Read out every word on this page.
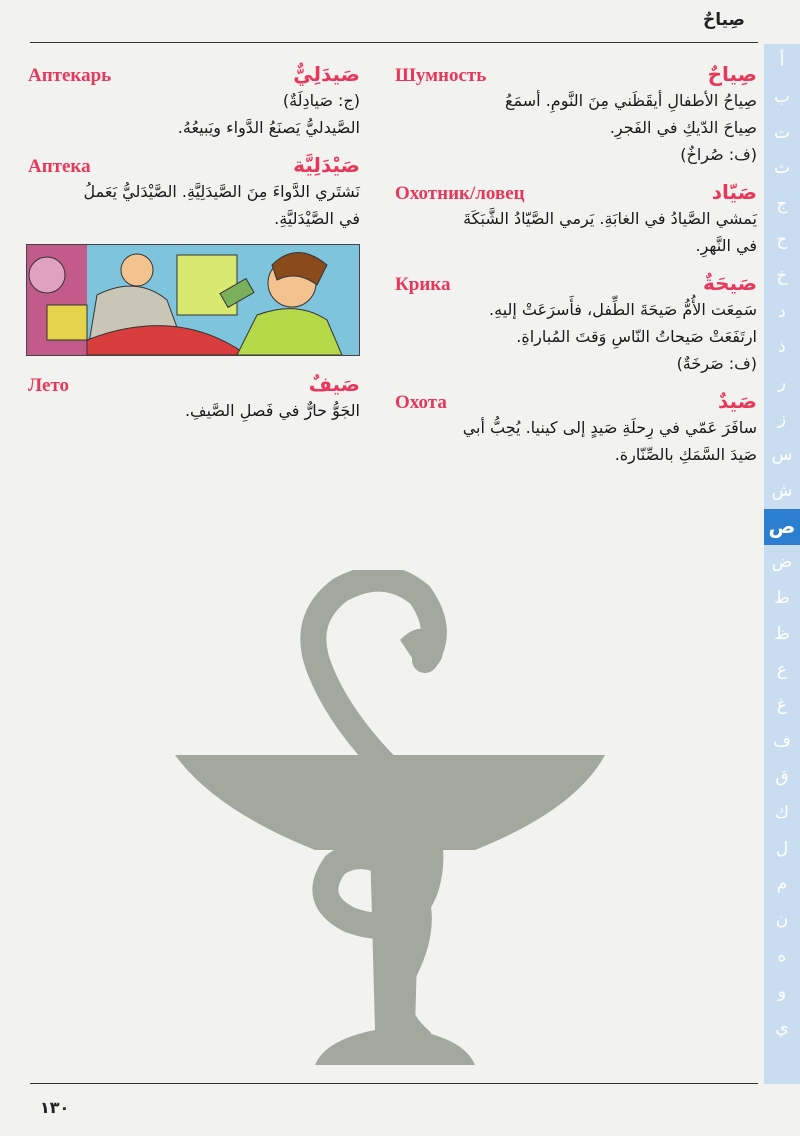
صِياحٌ
صِياحٌ
Шумность
صِياحُ الأطفالِ أيقَظَني مِنَ النَّومِ. أسمَعُ
صِياحَ الدّيكِ في الفَجرِ.
(ف: صُراخٌ)
صَيّاد
Охотник/ловец
يَمشي الصَّيادُ في الغابَةِ. يَرمي الصَّيّادُ الشَّبَكَةَ
في النَّهرِ.
صَيحَةٌ
Крика
سَمِعَت الأُمُّ صَيحَةَ الطِّفل، فأَسرَعَتْ إليهِ.
ارتَفَعَتْ صَيحاتُ النّاسِ وَقتَ المُباراةِ.
(ف: صَرخَةٌ)
صَيدٌ
Охота
سافَرَ عَمّي في رِحلَةِ صَيدٍ إلى كينيا. يُحِبُّ أبي
صَيدَ السَّمَكِ بالصِّنّارة.
صَيدَلِيٌّ
Аптекарь
(ج: صَيادِلَةٌ)
الصَّيدليُّ يَصنَعُ الدَّواء ويَبيعُهُ.
صَيْدَلِيَّة
Аптека
نَشتَري الدَّواءَ مِنَ الصَّيدَلِيَّةِ. الصَّيْدَليُّ يَعَملُ
في الصَّيْدَليَّةِ.
صَيفٌ
Лето
الجَوُّ حارٌّ في فَصلِ الصَّيفِ.
أ
ب
ت
ث
ج
ح
خ
د
ذ
ر
ز
س
ش
ص
ض
ط
ظ
ع
غ
ف
ق
ك
ل
م
ن
ه
و
ي
١٣٠
